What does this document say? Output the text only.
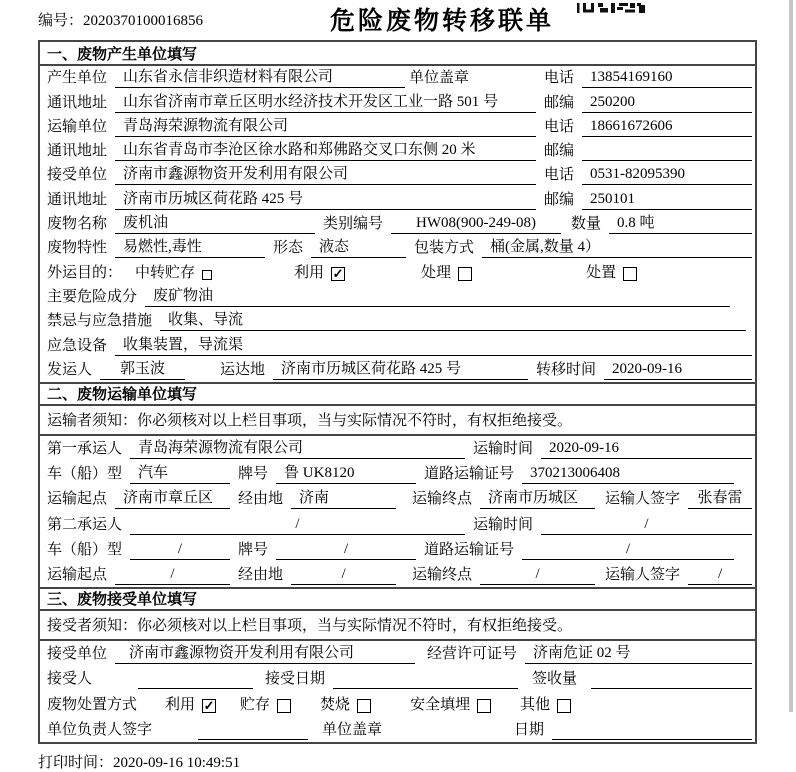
编号：2020370100016856	危险废物转移联单
一、废物产生单位填写
产生单位	山东省永信非织造材料有限公司	单位盖章	电话	13854169160
通讯地址	山东省济南市章丘区明水经济技术开发区工业一路 501 号	邮编	250200
运输单位	青岛海荣源物流有限公司	电话	18661672606
通讯地址	山东省青岛市李沧区徐水路和郑佛路交叉口东侧 20 米	邮编
接受单位	济南市鑫源物资开发利用有限公司	电话	0531-82095390
通讯地址	济南市历城区荷花路 425 号	邮编	250101
废物名称	废机油	类别编号	HW08(900-249-08)	数量	0.8 吨
废物特性	易燃性,毒性	形态	液态	包装方式	桶(金属,数量 4）
外运目的： 中转贮存	利用 ✓	处理	处置
主要危险成分	废矿物油
禁忌与应急措施	收集、导流
应急设备	收集装置，导流渠
发运人	郭玉波	运达地	济南市历城区荷花路 425 号	转移时间	2020-09-16
二、废物运输单位填写
运输者须知：你必须核对以上栏目事项，当与实际情况不符时，有权拒绝接受。
第一承运人	青岛海荣源物流有限公司	运输时间	2020-09-16
车（船）型	汽车	牌号	鲁 UK8120	道路运输证号	370213006408
运输起点	济南市章丘区	经由地	济南	运输终点	济南市历城区	运输人签字	张春雷
第二承运人	/	运输时间	/
车（船）型	/	牌号	/	道路运输证号	/
运输起点	/	经由地	/	运输终点	/	运输人签字	/
三、废物接受单位填写
接受者须知：你必须核对以上栏目事项，当与实际情况不符时，有权拒绝接受。
接受单位	济南市鑫源物资开发利用有限公司	经营许可证号	济南危证 02 号
接受人	接受日期	签收量
废物处置方式 利用 ✓ 贮存	焚烧	安全填埋	其他
单位负责人签字	单位盖章	日期
打印时间：2020-09-16 10:49:51
